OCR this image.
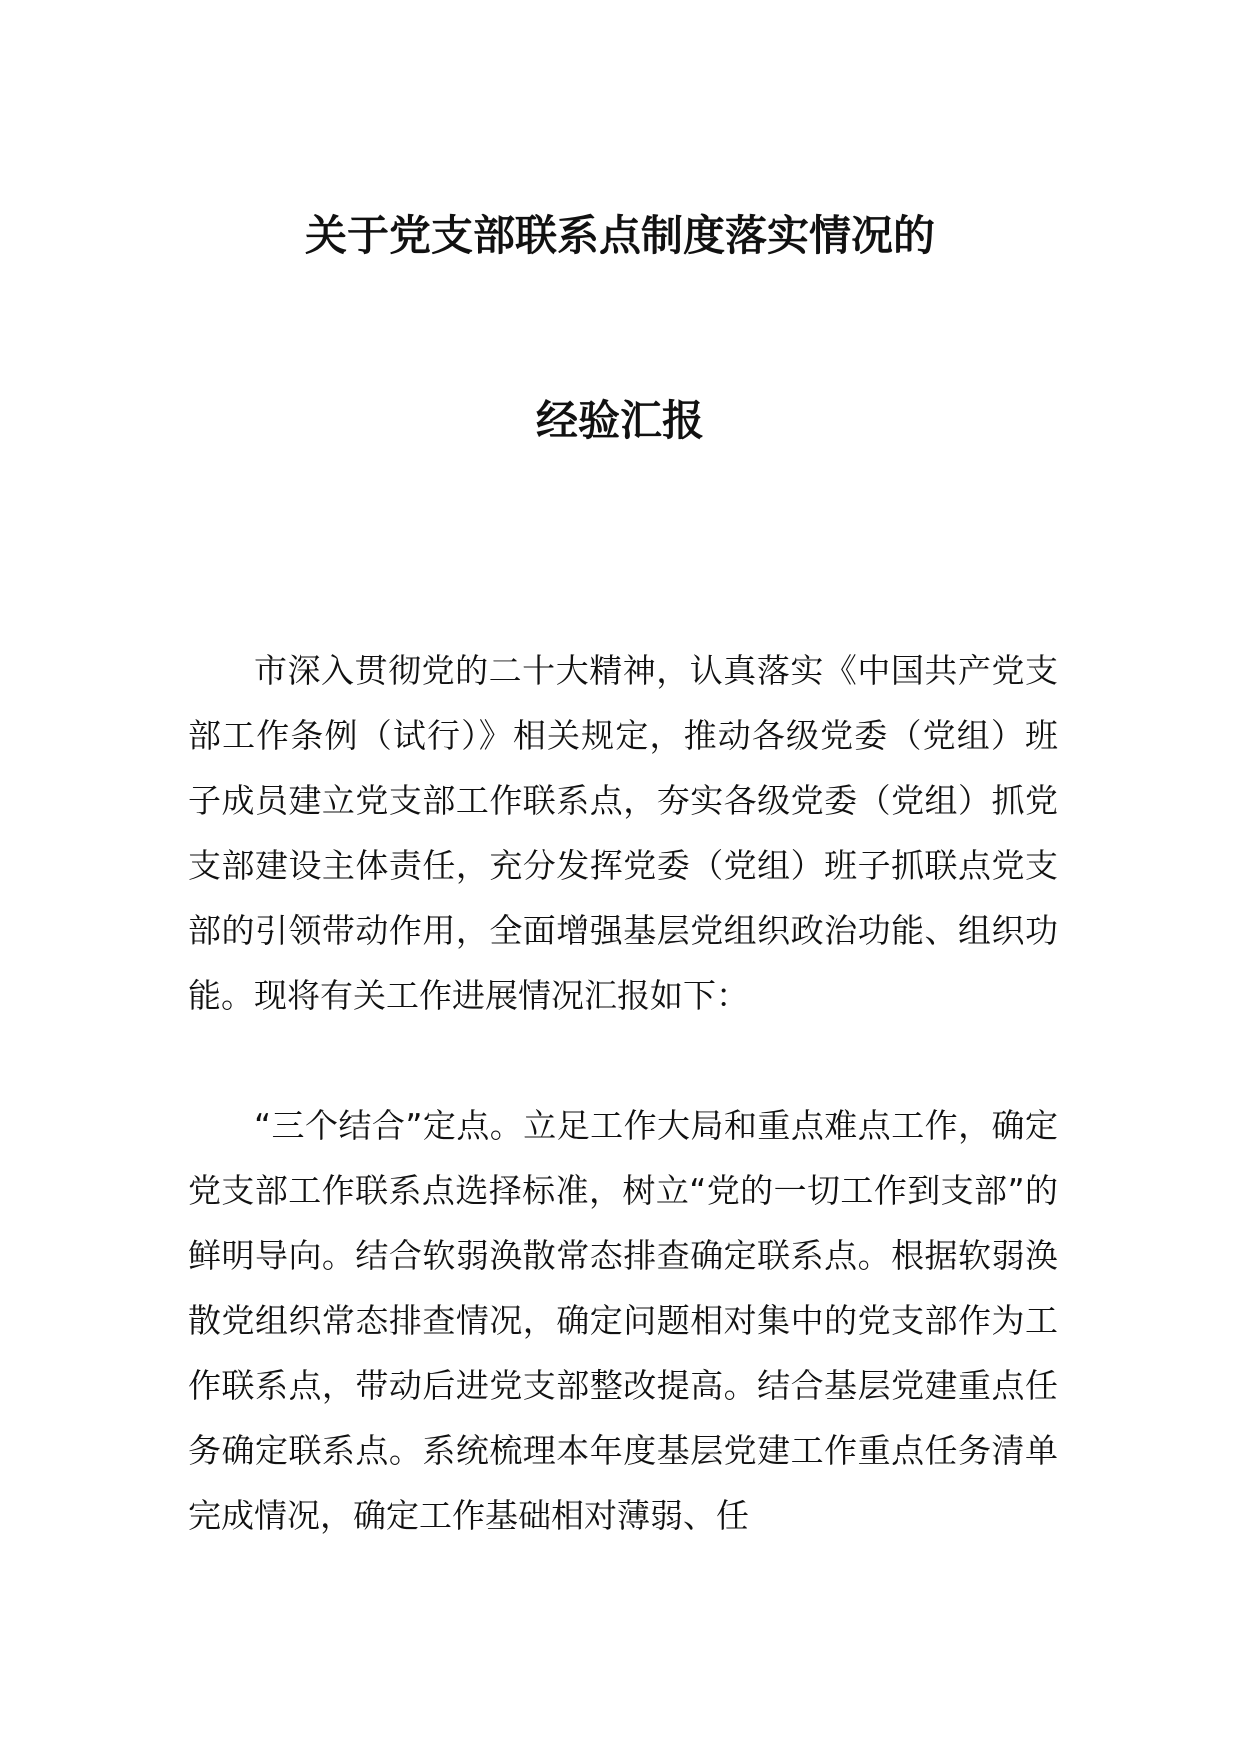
关于党支部联系点制度落实情况的
经验汇报

市深入贯彻党的二十大精神，认真落实《中国共产党支部工作条例（试行）》相关规定，推动各级党委（党组）班子成员建立党支部工作联系点，夯实各级党委（党组）抓党支部建设主体责任，充分发挥党委（党组）班子抓联点党支部的引领带动作用，全面增强基层党组织政治功能、组织功能。现将有关工作进展情况汇报如下：

“三个结合”定点。立足工作大局和重点难点工作，确定党支部工作联系点选择标准，树立“党的一切工作到支部”的鲜明导向。结合软弱涣散常态排查确定联系点。根据软弱涣散党组织常态排查情况，确定问题相对集中的党支部作为工作联系点，带动后进党支部整改提高。结合基层党建重点任务确定联系点。系统梳理本年度基层党建工作重点任务清单完成情况，确定工作基础相对薄弱、任
